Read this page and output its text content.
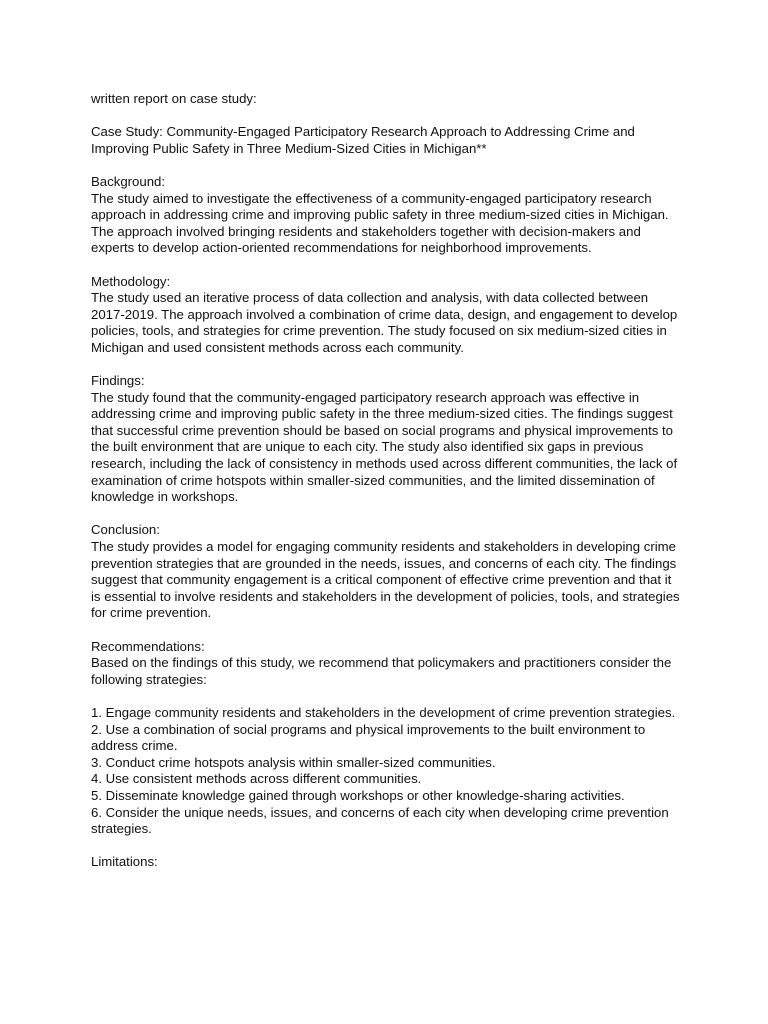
written report on case study:

Case Study: Community-Engaged Participatory Research Approach to Addressing Crime and Improving Public Safety in Three Medium-Sized Cities in Michigan**

Background:

The study aimed to investigate the effectiveness of a community-engaged participatory research approach in addressing crime and improving public safety in three medium-sized cities in Michigan. The approach involved bringing residents and stakeholders together with decision-makers and experts to develop action-oriented recommendations for neighborhood improvements.

Methodology:

The study used an iterative process of data collection and analysis, with data collected between 2017-2019. The approach involved a combination of crime data, design, and engagement to develop policies, tools, and strategies for crime prevention. The study focused on six medium-sized cities in Michigan and used consistent methods across each community.

Findings:

The study found that the community-engaged participatory research approach was effective in addressing crime and improving public safety in the three medium-sized cities. The findings suggest that successful crime prevention should be based on social programs and physical improvements to the built environment that are unique to each city. The study also identified six gaps in previous research, including the lack of consistency in methods used across different communities, the lack of examination of crime hotspots within smaller-sized communities, and the limited dissemination of knowledge in workshops.

Conclusion:

The study provides a model for engaging community residents and stakeholders in developing crime prevention strategies that are grounded in the needs, issues, and concerns of each city. The findings suggest that community engagement is a critical component of effective crime prevention and that it is essential to involve residents and stakeholders in the development of policies, tools, and strategies for crime prevention.

Recommendations:

Based on the findings of this study, we recommend that policymakers and practitioners consider the following strategies:

1. Engage community residents and stakeholders in the development of crime prevention strategies.
2. Use a combination of social programs and physical improvements to the built environment to address crime.
3. Conduct crime hotspots analysis within smaller-sized communities.
4. Use consistent methods across different communities.
5. Disseminate knowledge gained through workshops or other knowledge-sharing activities.
6. Consider the unique needs, issues, and concerns of each city when developing crime prevention strategies.

Limitations:
